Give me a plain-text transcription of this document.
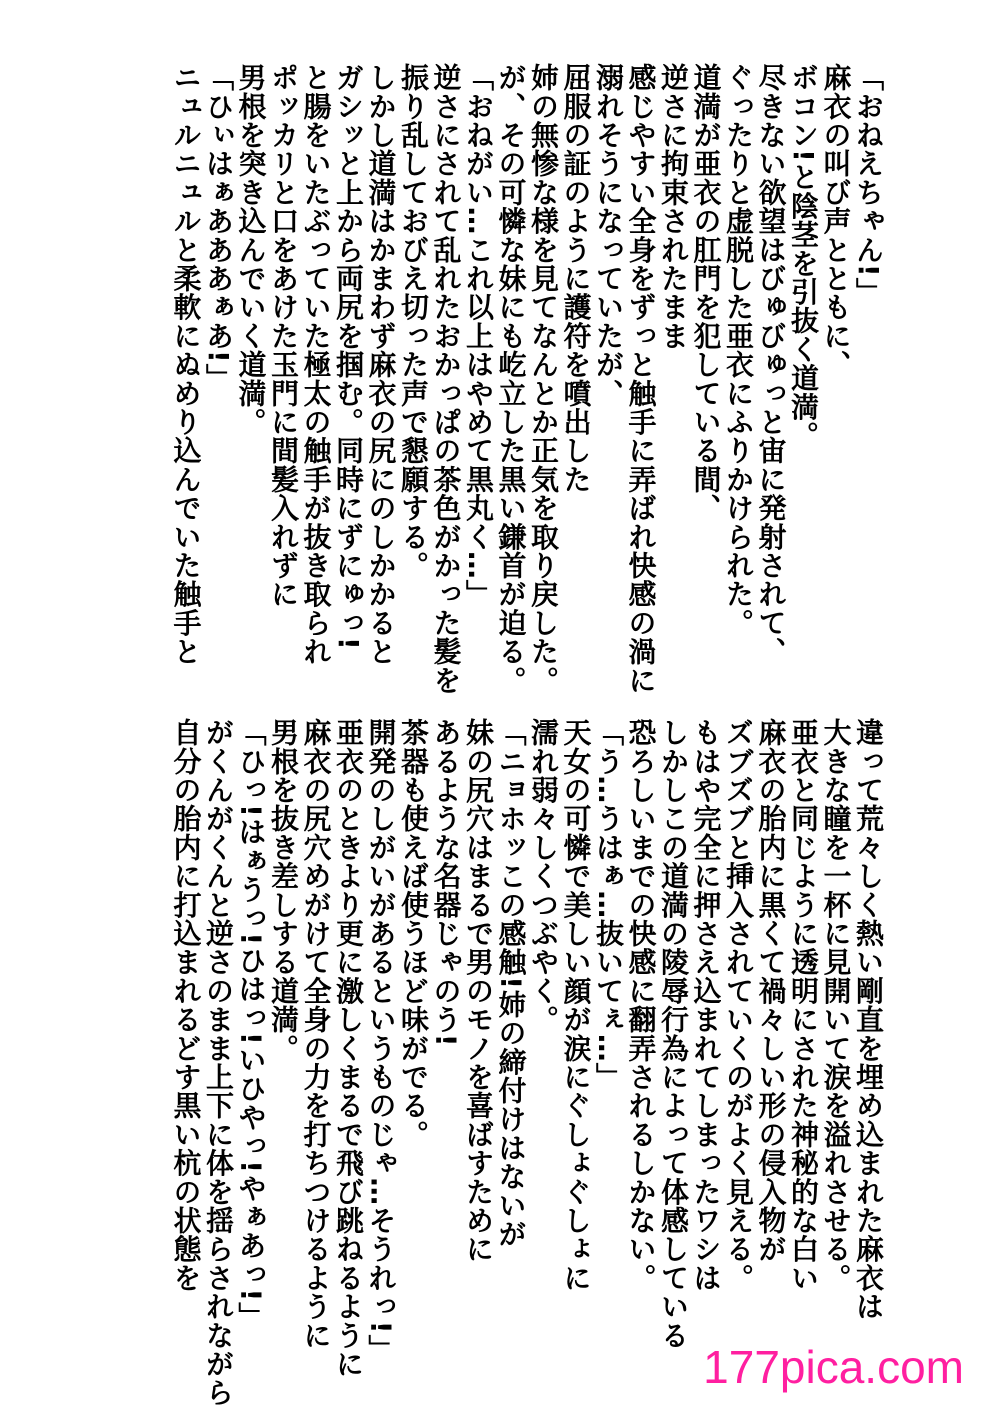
「おねえちゃん!」
麻衣の叫び声とともに、
ボコン!と陰茎を引抜く道満。
尽きない欲望はびゅびゅっと宙に発射されて、
ぐったりと虚脱した亜衣にふりかけられた。
道満が亜衣の肛門を犯している間、
逆さに拘束されたまま
感じやすい全身をずっと触手に弄ばれ快感の渦に
溺れそうになっていたが、
屈服の証のように護符を噴出した
姉の無惨な様を見てなんとか正気を取り戻した。
が、その可憐な妹にも屹立した黒い鎌首が迫る。
「おねがい…これ以上はやめて黒丸く…」
逆さにされて乱れたおかっぱの茶色がかった髪を
振り乱しておびえ切った声で懇願する。
しかし道満はかまわず麻衣の尻にのしかかると
ガシッと上から両尻を掴む。同時にずにゅっ!
と腸をいたぶっていた極太の触手が抜き取られ
ポッカリと口をあけた玉門に間髪入れずに
男根を突き込んでいく道満。
「ひぃはぁあああぁあ!」
ニュルニュルと柔軟にぬめり込んでいた触手と
違って荒々しく熱い剛直を埋め込まれた麻衣は
大きな瞳を一杯に見開いて涙を溢れさせる。
亜衣と同じように透明にされた神秘的な白い
麻衣の胎内に黒くて禍々しい形の侵入物が
ズブズブと挿入されていくのがよく見える。
もはや完全に押さえ込まれてしまったワシは
しかしこの道満の陵辱行為によって体感している
恐ろしいまでの快感に翻弄されるしかない。
「う…うはぁ…抜いてぇ…」
天女の可憐で美しい顔が涙にぐしょぐしょに
濡れ弱々しくつぶやく。
「ニョホッこの感触!姉の締付けはないが
妹の尻穴はまるで男のモノを喜ばすために
あるような名器じゃのう!
茶器も使えば使うほど味がでる。
開発のしがいがあるというものじゃ…そうれっ!」
亜衣のときより更に激しくまるで飛び跳ねるように
麻衣の尻穴めがけて全身の力を打ちつけるように
男根を抜き差しする道満。
「ひっ!はぁうっ!ひはっ!いひやっ!やぁあっ!」
がくんがくんと逆さのまま上下に体を揺らされながら
自分の胎内に打込まれるどす黒い杭の状態を
177pica.com
